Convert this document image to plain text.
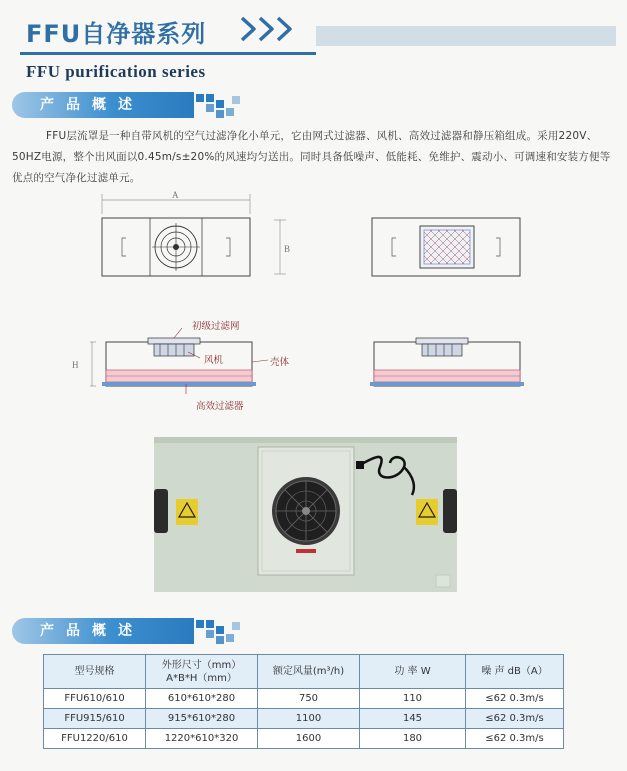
FFU自净器系列
FFU purification series
产品概述
FFU层流罩是一种自带风机的空气过滤净化小单元，它由网式过滤器、风机、高效过滤器和静压箱组成。采用220V、50HZ电源，整个出风面以0.45m/s±20%的风速均匀送出。同时具备低噪声、低能耗、免维护、震动小、可调速和安装方便等优点的空气净化过滤单元。
A
B
H
初级过滤网
风机	壳体
高效过滤器
产品概述
型号规格	外形尺寸（mm）
A*B*H（mm）	额定风量(m³/h)	功 率 W	噪 声 dB（A）
FFU610/610	610*610*280	750	110	≤62 0.3m/s
FFU915/610	915*610*280	1100	145	≤62 0.3m/s
FFU1220/610	1220*610*320	1600	180	≤62 0.3m/s
